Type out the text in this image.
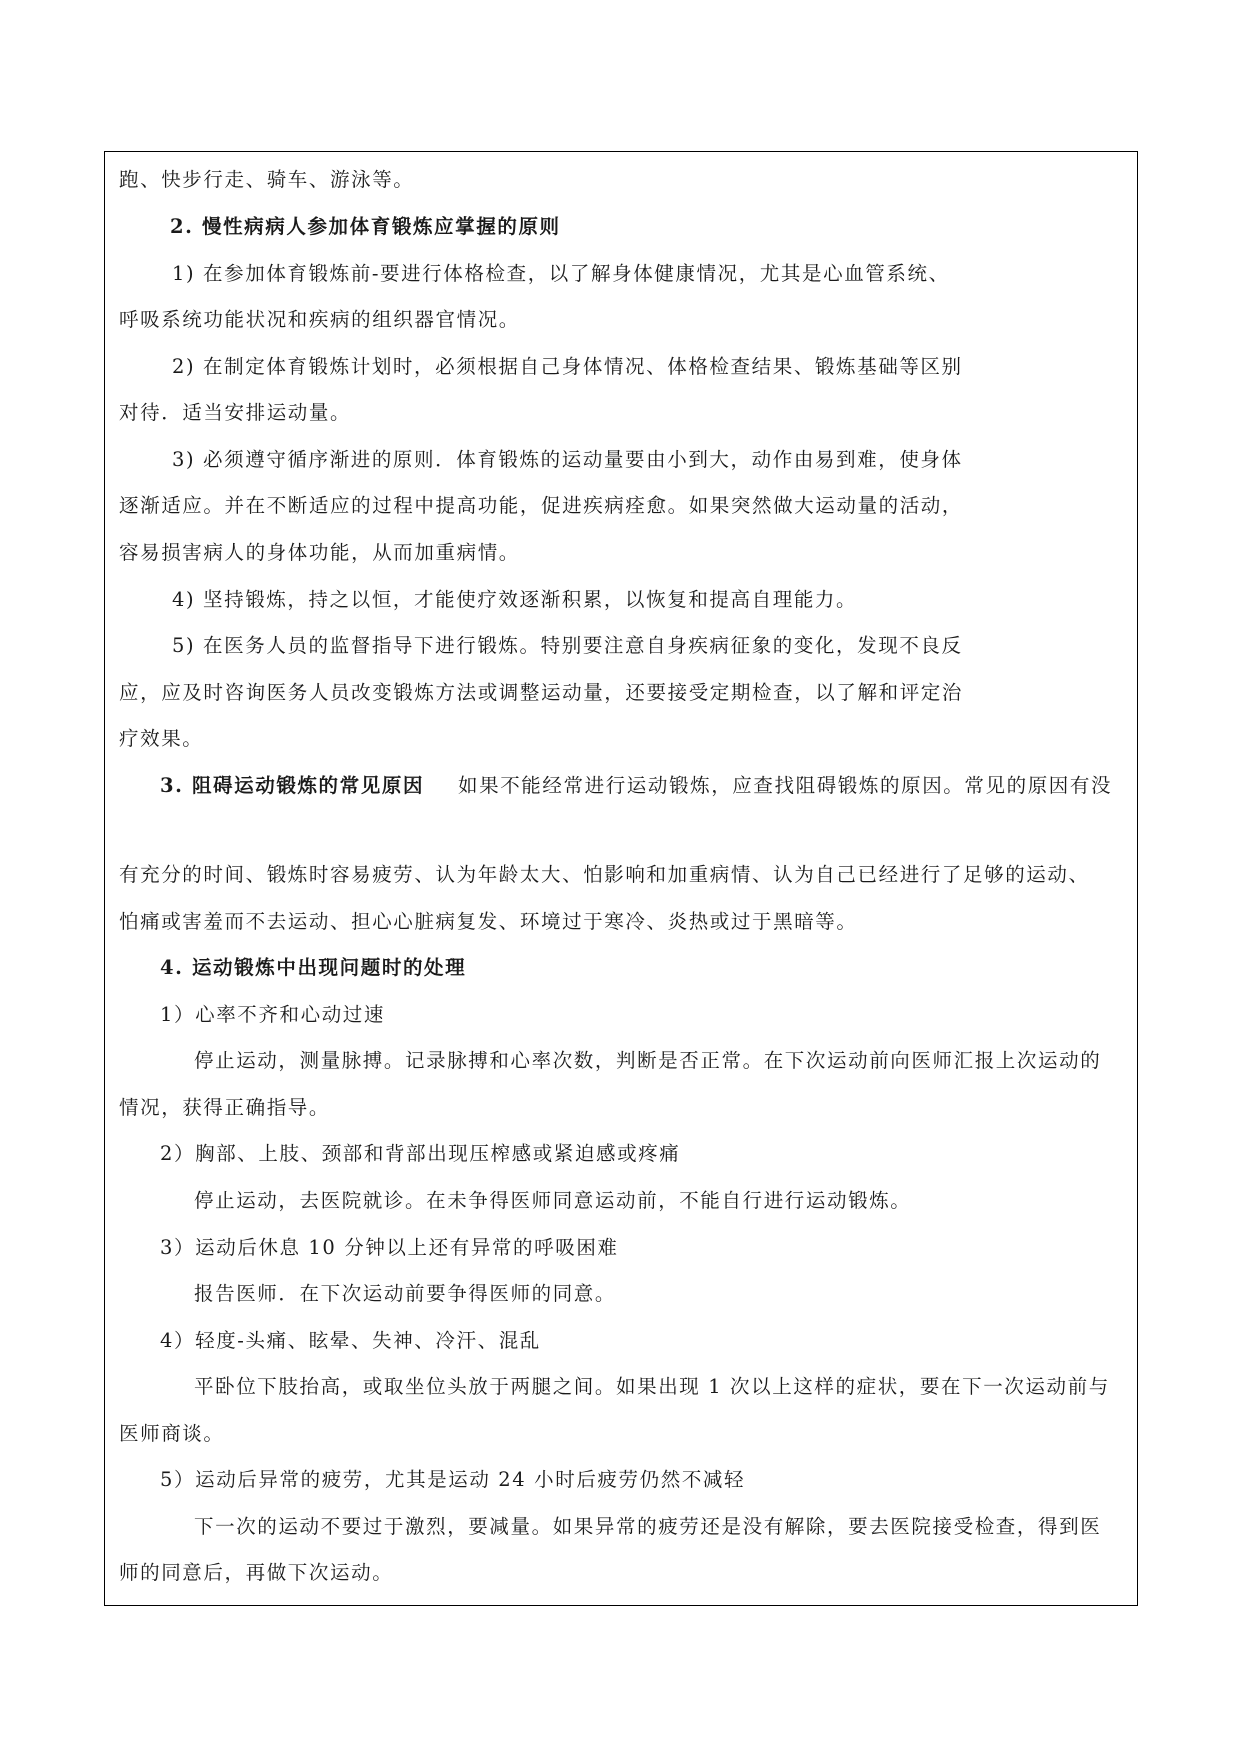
跑、快步行走、骑车、游泳等。
2. 慢性病病人参加体育锻炼应掌握的原则
1) 在参加体育锻炼前-要进行体格检查，以了解身体健康情况，尤其是心血管系统、
呼吸系统功能状况和疾病的组织器官情况。
2) 在制定体育锻炼计划时，必须根据自己身体情况、体格检查结果、锻炼基础等区别
对待．适当安排运动量。
3) 必须遵守循序渐进的原则．体育锻炼的运动量要由小到大，动作由易到难，使身体
逐渐适应。并在不断适应的过程中提高功能，促进疾病痊愈。如果突然做大运动量的活动，
容易损害病人的身体功能，从而加重病情。
4) 坚持锻炼，持之以恒，才能使疗效逐渐积累，以恢复和提高自理能力。
5) 在医务人员的监督指导下进行锻炼。特别要注意自身疾病征象的变化，发现不良反
应，应及时咨询医务人员改变锻炼方法或调整运动量，还要接受定期检查，以了解和评定治
疗效果。
3. 阻碍运动锻炼的常见原因 如果不能经常进行运动锻炼，应查找阻碍锻炼的原因。常见的原因有没
有充分的时间、锻炼时容易疲劳、认为年龄太大、怕影响和加重病情、认为自己已经进行了足够的运动、
怕痛或害羞而不去运动、担心心脏病复发、环境过于寒冷、炎热或过于黑暗等。
4. 运动锻炼中出现问题时的处理
1）心率不齐和心动过速
停止运动，测量脉搏。记录脉搏和心率次数，判断是否正常。在下次运动前向医师汇报上次运动的
情况，获得正确指导。
2）胸部、上肢、颈部和背部出现压榨感或紧迫感或疼痛
停止运动，去医院就诊。在未争得医师同意运动前，不能自行进行运动锻炼。
3）运动后休息 10 分钟以上还有异常的呼吸困难
报告医师．在下次运动前要争得医师的同意。
4）轻度-头痛、眩晕、失神、冷汗、混乱
平卧位下肢抬高，或取坐位头放于两腿之间。如果出现 1 次以上这样的症状，要在下一次运动前与
医师商谈。
5）运动后异常的疲劳，尤其是运动 24 小时后疲劳仍然不减轻
下一次的运动不要过于激烈，要减量。如果异常的疲劳还是没有解除，要去医院接受检查，得到医
师的同意后，再做下次运动。
